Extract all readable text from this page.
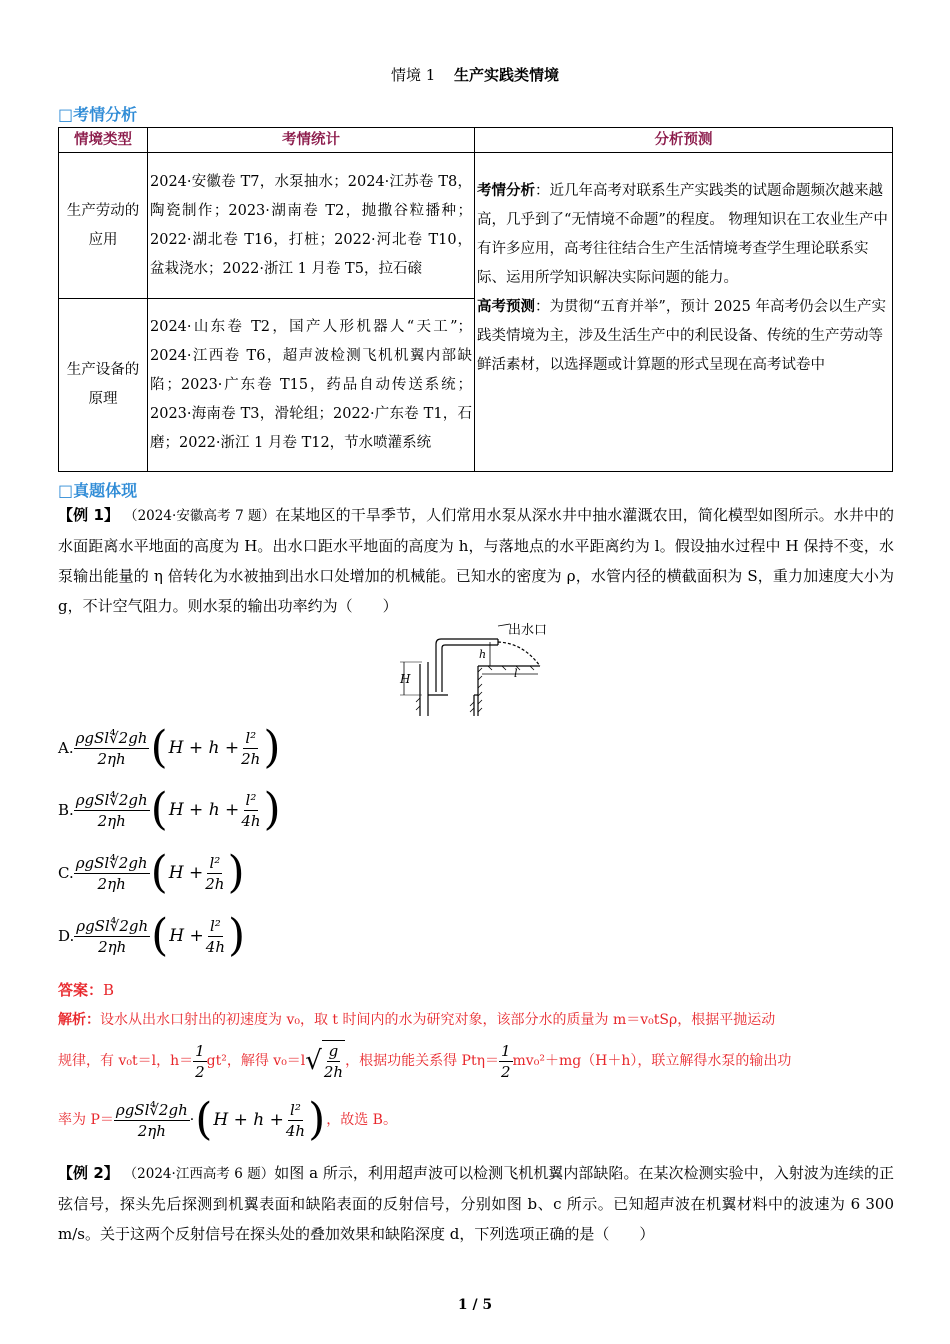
情境 1 生产实践类情境
□考情分析
情境类型	考情统计	分析预测
生产劳动的应用	2024·安徽卷 T7，水泵抽水；2024·江苏卷 T8，陶瓷制作；2023·湖南卷 T2，抛撒谷粒播种；2022·湖北卷 T16，打桩；2022·河北卷 T10，盆栽浇水；2022·浙江 1 月卷 T5，拉石磙	考情分析：近几年高考对联系生产实践类的试题命题频次越来越高，几乎到了“无情境不命题”的程度。 物理知识在工农业生产中有许多应用，高考往往结合生产生活情境考查学生理论联系实际、运用所学知识解决实际问题的能力。
高考预测：为贯彻“五育并举”，预计 2025 年高考仍会以生产实践类情境为主，涉及生活生产中的利民设备、传统的生产劳动等鲜活素材，以选择题或计算题的形式呈现在高考试卷中
生产设备的原理	2024·山东卷 T2，国产人形机器人“天工”；2024·江西卷 T6，超声波检测飞机机翼内部缺陷；2023·广东卷 T15，药品自动传送系统；2023·海南卷 T3，滑轮组；2022·广东卷 T1，石磨；2022·浙江 1 月卷 T12，节水喷灌系统	
□真题体现
【例 1】 （2024·安徽高考 7 题）在某地区的干旱季节，人们常用水泵从深水井中抽水灌溉农田，简化模型如图所示。水井中的水面距离水平地面的高度为 H。出水口距水平地面的高度为 h，与落地点的水平距离约为 l。假设抽水过程中 H 保持不变，水泵输出能量的 η 倍转化为水被抽到出水口处增加的机械能。已知水的密度为 ρ，水管内径的横截面积为 S，重力加速度大小为 g，不计空气阻力。则水泵的输出功率约为（　　）
出水口
h
H	l
A. $\frac{\text{ρgSl∜2gh}}{2\eta h}$ ( $H + h + \frac{\text{l²}}{2h}$ )
B. $\frac{\text{ρgSl∜2gh}}{2\eta h}$ ( $H + h + \frac{\text{l²}}{4h}$ )
C. $\frac{\text{ρgSl∜2gh}}{2\eta h}$ ( $H + \frac{\text{l²}}{2h}$ )
D. $\frac{\text{ρgSl∜2gh}}{2\eta h}$ ( $H + \frac{\text{l²}}{4h}$ )
答案：B
解析：设水从出水口射出的初速度为 v₀，取 t 时间内的水为研究对象，该部分水的质量为 m＝v₀tSρ，根据平抛运动
规律，有 v₀t＝l，$h= \frac{1}{2} gt^2$，解得 v₀＝l √ $\frac{g}{2h}$ ，根据功能关系得 $Pt\eta= \frac{1}{2} mv_0^2+mg(H+h)$，联立解得水泵的输出功
率为 $P= \frac{\text{ρgSl∜2gh}}{2\eta h}$ · ( $H + h + \frac{\text{l²}}{4h}$ ) ，故选 B。
【例 2】 （2024·江西高考 6 题）如图 a 所示，利用超声波可以检测飞机机翼内部缺陷。在某次检测实验中，入射波为连续的正弦信号，探头先后探测到机翼表面和缺陷表面的反射信号，分别如图 b、c 所示。已知超声波在机翼材料中的波速为 6 300 m/s。关于这两个反射信号在探头处的叠加效果和缺陷深度 d，下列选项正确的是（　　）
1 / 5
